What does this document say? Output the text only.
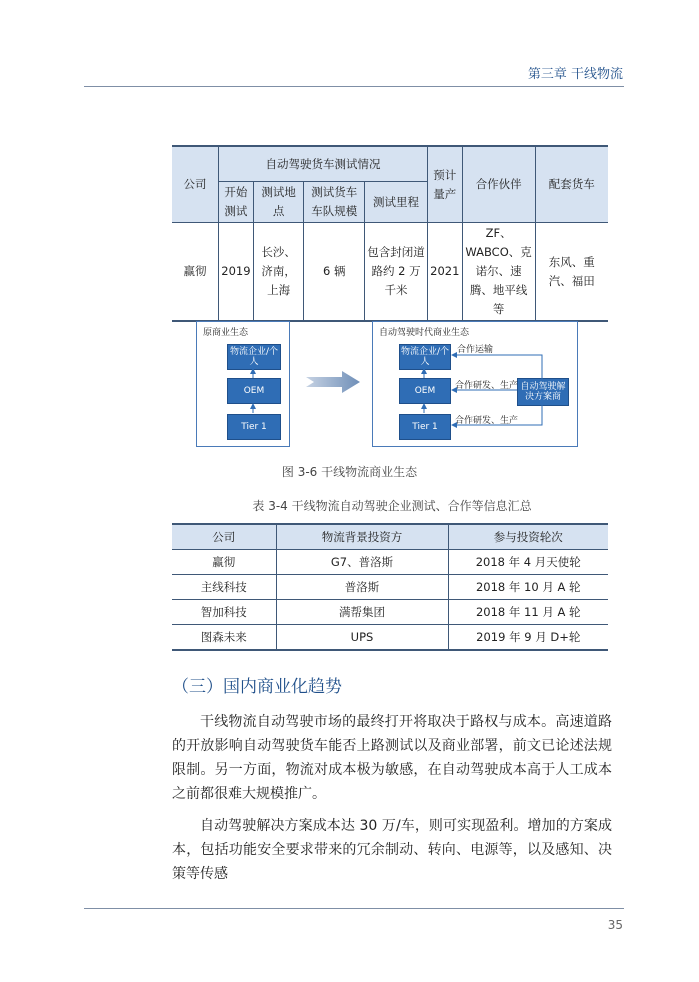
第三章 干线物流
公司	自动驾驶货车测试情况				预计量产	合作伙伴	配套货车
	开始测试	测试地点	测试货车车队规模	测试里程			
赢彻	2019	长沙、济南，上海	6 辆	包含封闭道路约 2 万千米	2021	ZF、WABCO、克诺尔、速腾、地平线等	东风、重汽、福田
原商业生态
物流企业/个人
OEM
Tier 1
自动驾驶时代商业生态
物流企业/个人
OEM
Tier 1
自动驾驶解决方案商
合作运输
合作研发、生产
合作研发、生产
图 3-6 干线物流商业生态
表 3-4 干线物流自动驾驶企业测试、合作等信息汇总
公司	物流背景投资方	参与投资轮次
赢彻	G7、普洛斯	2018 年 4 月天使轮
主线科技	普洛斯	2018 年 10 月 A 轮
智加科技	满帮集团	2018 年 11 月 A 轮
图森未来	UPS	2019 年 9 月 D+轮
（三）国内商业化趋势
干线物流自动驾驶市场的最终打开将取决于路权与成本。高速道路的开放影响自动驾驶货车能否上路测试以及商业部署，前文已论述法规限制。另一方面，物流对成本极为敏感，在自动驾驶成本高于人工成本之前都很难大规模推广。
自动驾驶解决方案成本达 30 万/车，则可实现盈利。增加的方案成本，包括功能安全要求带来的冗余制动、转向、电源等，以及感知、决策等传感
35
